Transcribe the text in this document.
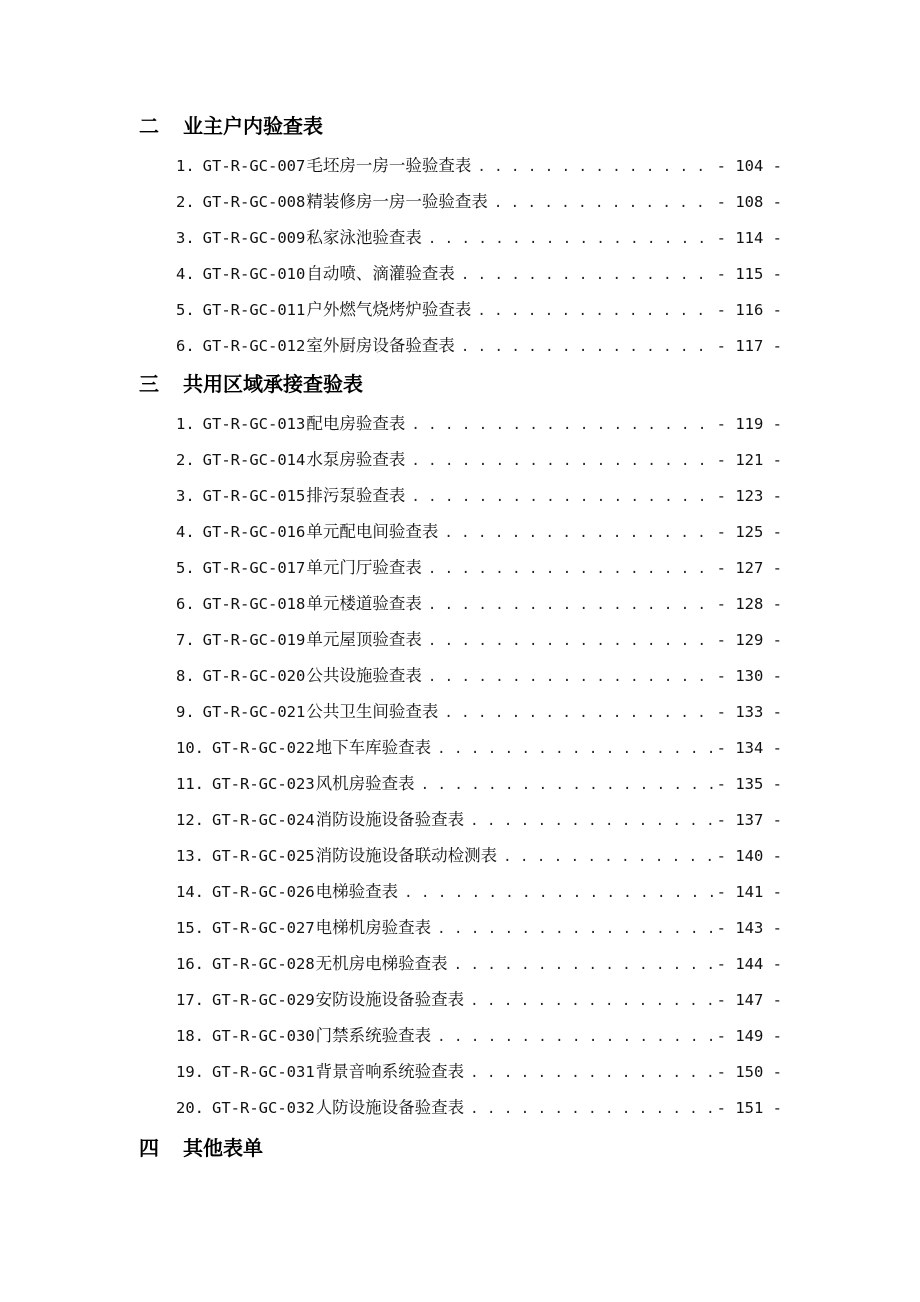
二 业主户内验查表
1. GT-R-GC-007 毛坯房一房一验验查表 . . .	- 104 -
2. GT-R-GC-008 精装修房一房一验验查表 . . .	- 108 -
3. GT-R-GC-009 私家泳池验查表 . . .	- 114 -
4. GT-R-GC-010 自动喷、滴灌验查表 . . .	- 115 -
5. GT-R-GC-011 户外燃气烧烤炉验查表 . . .	- 116 -
6. GT-R-GC-012 室外厨房设备验查表 . . .	- 117 -
三 共用区域承接查验表
1. GT-R-GC-013 配电房验查表 . . .	- 119 -
2. GT-R-GC-014 水泵房验查表 . . .	- 121 -
3. GT-R-GC-015 排污泵验查表 . . .	- 123 -
4. GT-R-GC-016 单元配电间验查表 . . .	- 125 -
5. GT-R-GC-017 单元门厅验查表 . . .	- 127 -
6. GT-R-GC-018 单元楼道验查表 . . .	- 128 -
7. GT-R-GC-019 单元屋顶验查表 . . .	- 129 -
8. GT-R-GC-020 公共设施验查表 . . .	- 130 -
9. GT-R-GC-021 公共卫生间验查表 . . .	- 133 -
10. GT-R-GC-022 地下车库验查表 . . .	- 134 -
11. GT-R-GC-023 风机房验查表 . . .	- 135 -
12. GT-R-GC-024 消防设施设备验查表 . . .	- 137 -
13. GT-R-GC-025 消防设施设备联动检测表 . . .	- 140 -
14. GT-R-GC-026 电梯验查表 . . .	- 141 -
15. GT-R-GC-027 电梯机房验查表 . . .	- 143 -
16. GT-R-GC-028 无机房电梯验查表 . . .	- 144 -
17. GT-R-GC-029 安防设施设备验查表 . . .	- 147 -
18. GT-R-GC-030 门禁系统验查表 . . .	- 149 -
19. GT-R-GC-031 背景音响系统验查表 . . .	- 150 -
20. GT-R-GC-032 人防设施设备验查表 . . .	- 151 -
四 其他表单
